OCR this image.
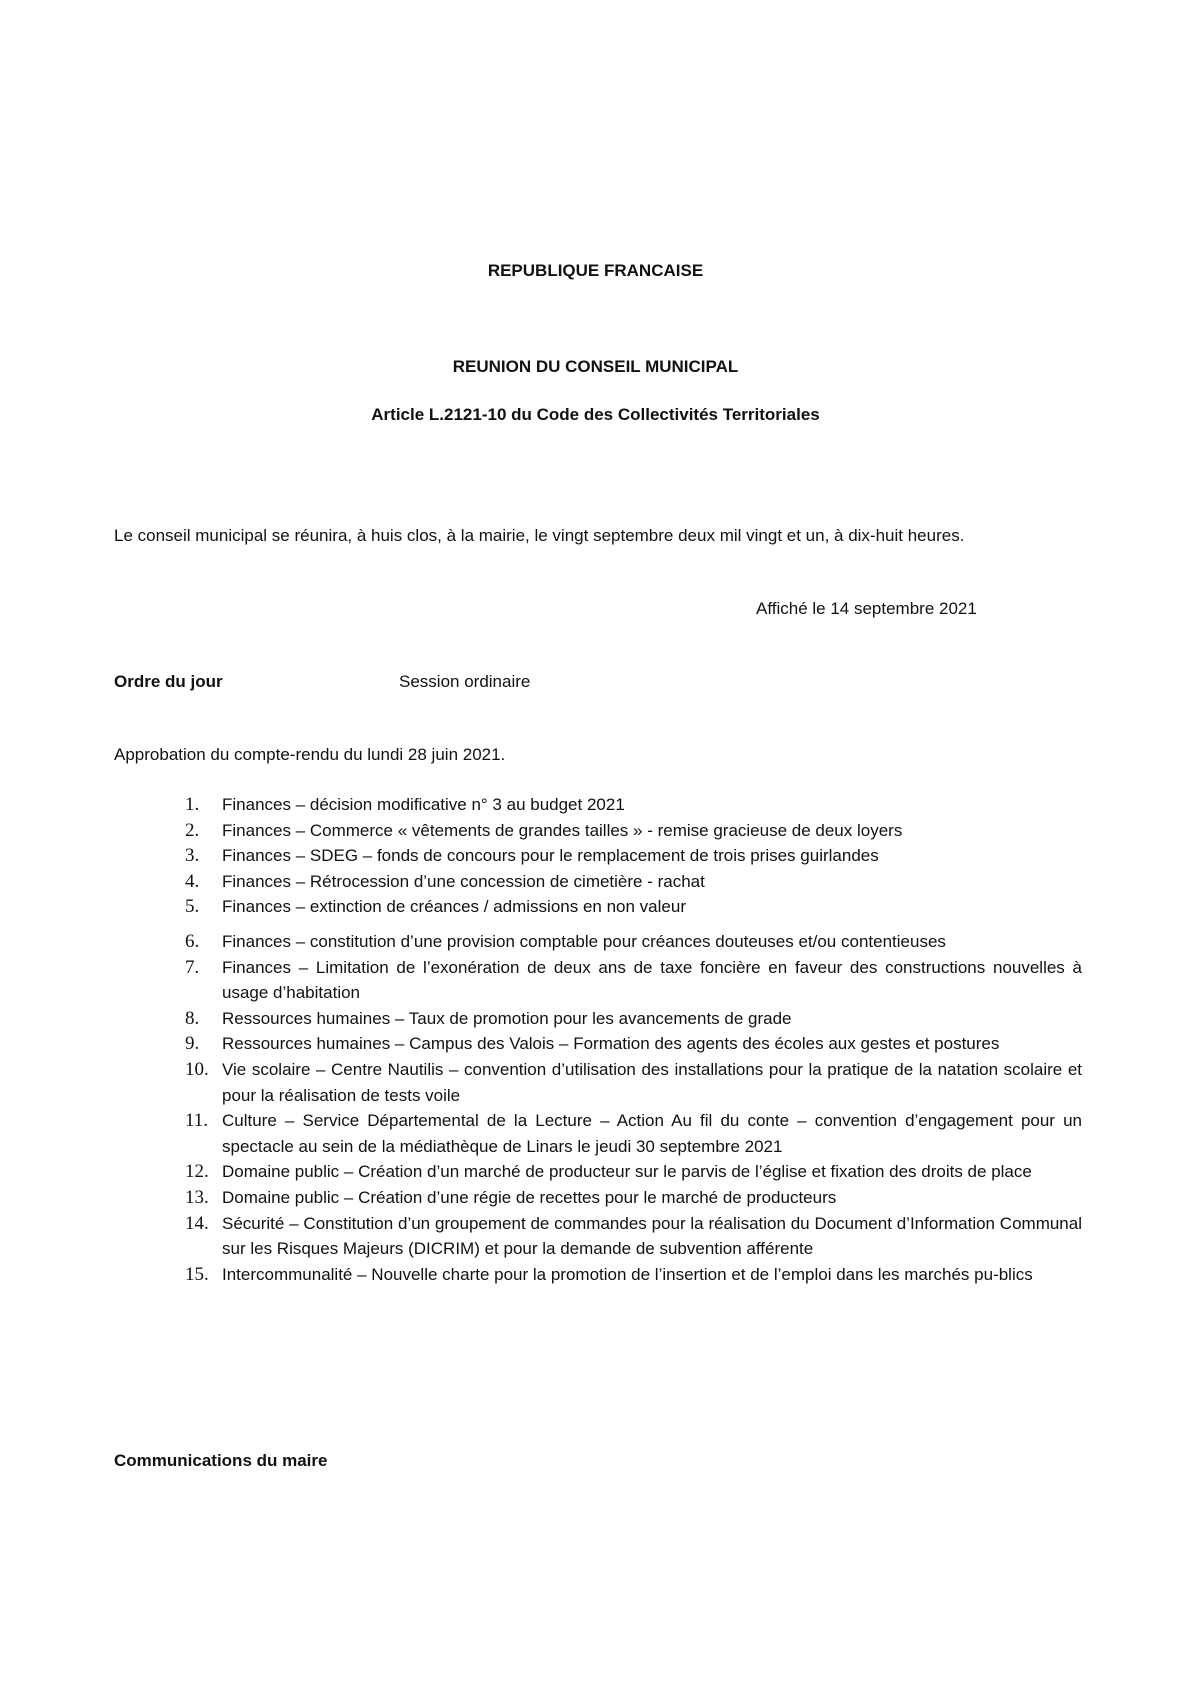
REPUBLIQUE FRANCAISE
REUNION DU CONSEIL MUNICIPAL
Article L.2121-10 du Code des Collectivités Territoriales
Le conseil municipal se réunira, à huis clos, à la mairie, le vingt septembre deux mil vingt et un, à dix-huit heures.
Affiché le 14 septembre 2021
Ordre du jour	Session ordinaire
Approbation du compte-rendu du lundi 28 juin 2021.
1. Finances – décision modificative n° 3 au budget 2021
2. Finances – Commerce « vêtements de grandes tailles » - remise gracieuse de deux loyers
3. Finances – SDEG – fonds de concours pour le remplacement de trois prises guirlandes
4. Finances – Rétrocession d’une concession de cimetière - rachat
5. Finances – extinction de créances / admissions en non valeur
6. Finances – constitution d’une provision comptable pour créances douteuses et/ou contentieuses
7. Finances – Limitation de l’exonération de deux ans de taxe foncière en faveur des constructions nouvelles à usage d’habitation
8. Ressources humaines – Taux de promotion pour les avancements de grade
9. Ressources humaines – Campus des Valois – Formation des agents des écoles aux gestes et postures
10. Vie scolaire – Centre Nautilis – convention d’utilisation des installations pour la pratique de la natation scolaire et pour la réalisation de tests voile
11. Culture – Service Départemental de la Lecture – Action Au fil du conte – convention d’engagement pour un spectacle au sein de la médiathèque de Linars le jeudi 30 septembre 2021
12. Domaine public – Création d’un marché de producteur sur le parvis de l’église et fixation des droits de place
13. Domaine public – Création d’une régie de recettes pour le marché de producteurs
14. Sécurité – Constitution d’un groupement de commandes pour la réalisation du Document d’Information Communal sur les Risques Majeurs (DICRIM) et pour la demande de subvention afférente
15. Intercommunalité – Nouvelle charte pour la promotion de l’insertion et de l’emploi dans les marchés pu-blics
Communications du maire
